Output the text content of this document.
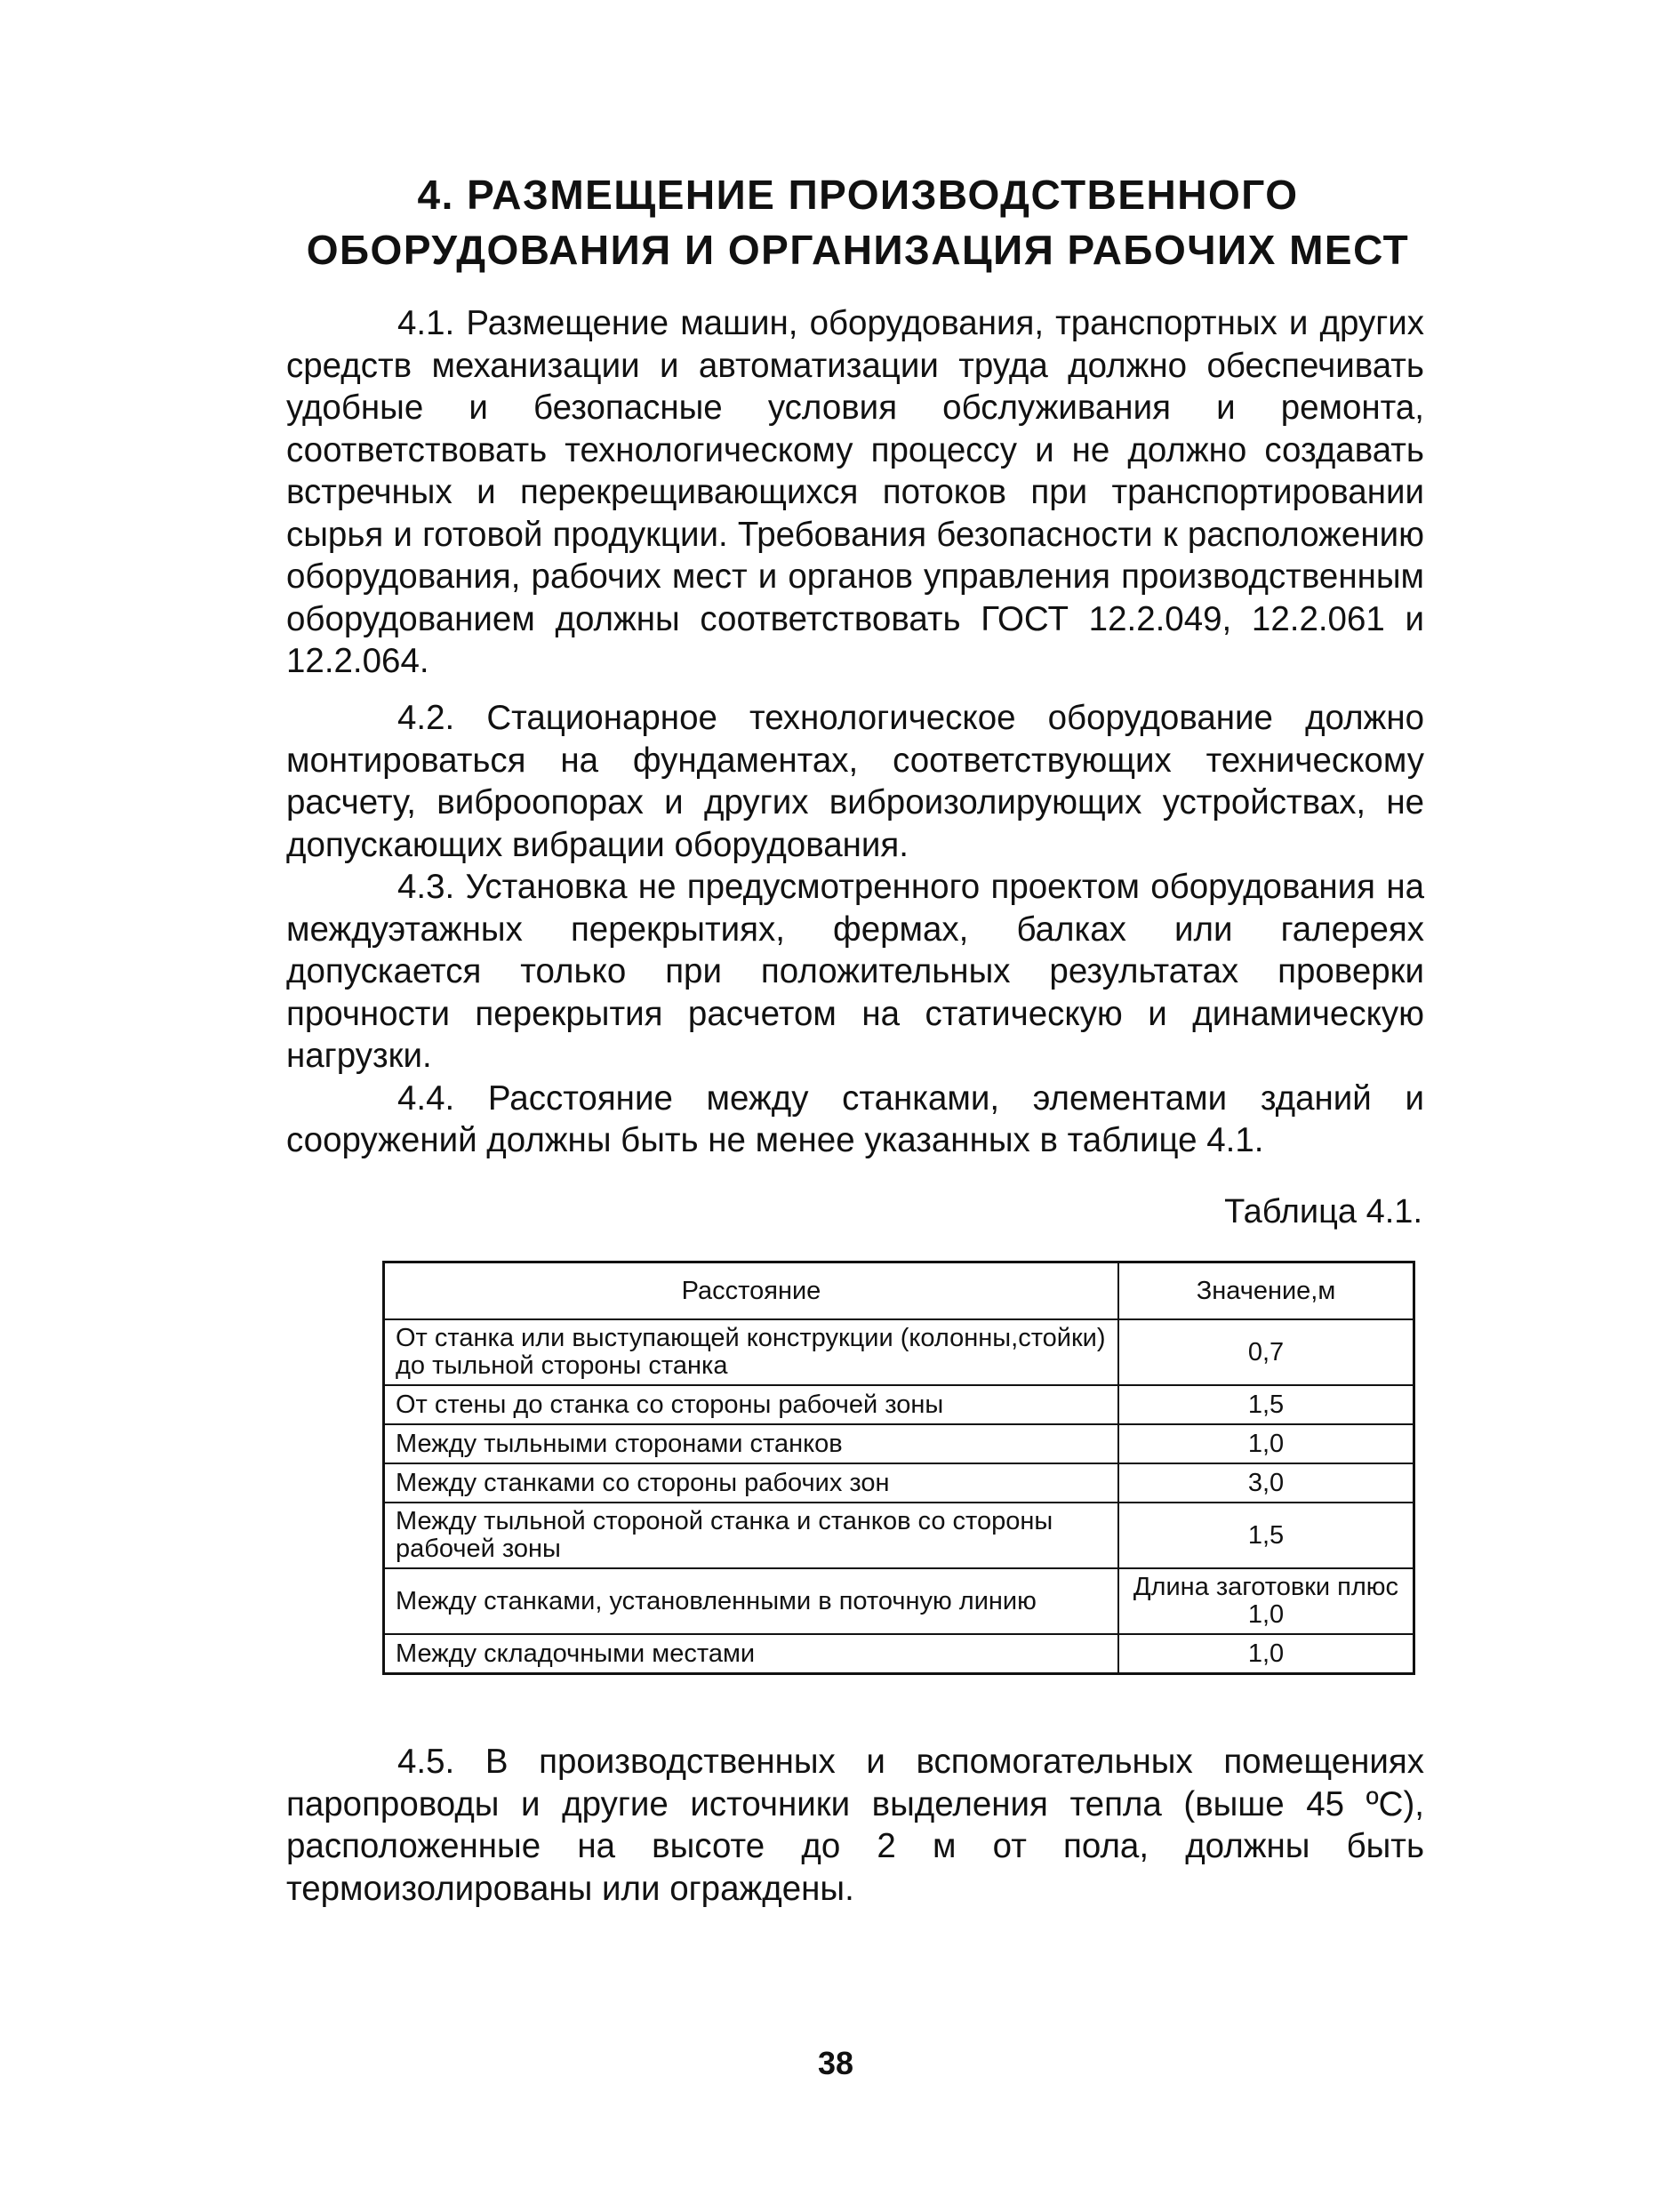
4. РАЗМЕЩЕНИЕ ПРОИЗВОДСТВЕННОГО
ОБОРУДОВАНИЯ И ОРГАНИЗАЦИЯ РАБОЧИХ МЕСТ

4.1. Размещение машин, оборудования, транспортных и других средств механизации и автоматизации труда должно обеспечивать удобные и безопасные условия обслуживания и ремонта, соответствовать технологическому процессу и не должно создавать встречных и перекрещивающихся потоков при транспортировании сырья и готовой продукции. Требования безопасности к расположению оборудования, рабочих мест и органов управления производственным оборудованием должны соответствовать ГОСТ 12.2.049, 12.2.061 и 12.2.064.

4.2. Стационарное технологическое оборудование должно монтироваться на фундаментах, соответствующих техническому расчету, виброопорах и других виброизолирующих устройствах, не допускающих вибрации оборудования.

4.3. Установка не предусмотренного проектом оборудования на междуэтажных перекрытиях, фермах, балках или галереях допускается только при положительных результатах проверки прочности перекрытия расчетом на статическую и динамическую нагрузки.

4.4. Расстояние между станками, элементами зданий и сооружений должны быть не менее указанных в таблице 4.1.

Таблица 4.1.
Расстояние	Значение,м
От станка или выступающей конструкции (колонны,стойки) до тыльной стороны станка	0,7
От стены до станка со стороны рабочей зоны	1,5
Между тыльными сторонами станков	1,0
Между станками со стороны рабочих зон	3,0
Между тыльной стороной станка и станков со стороны рабочей зоны	1,5
Между станками, установленными в поточную линию	Длина заготовки плюс 1,0
Между складочными местами	1,0

4.5. В производственных и вспомогательных помещениях паропроводы и другие источники выделения тепла (выше 45 ºС), расположенные на высоте до 2 м от пола, должны быть термоизолированы или ограждены.

38
